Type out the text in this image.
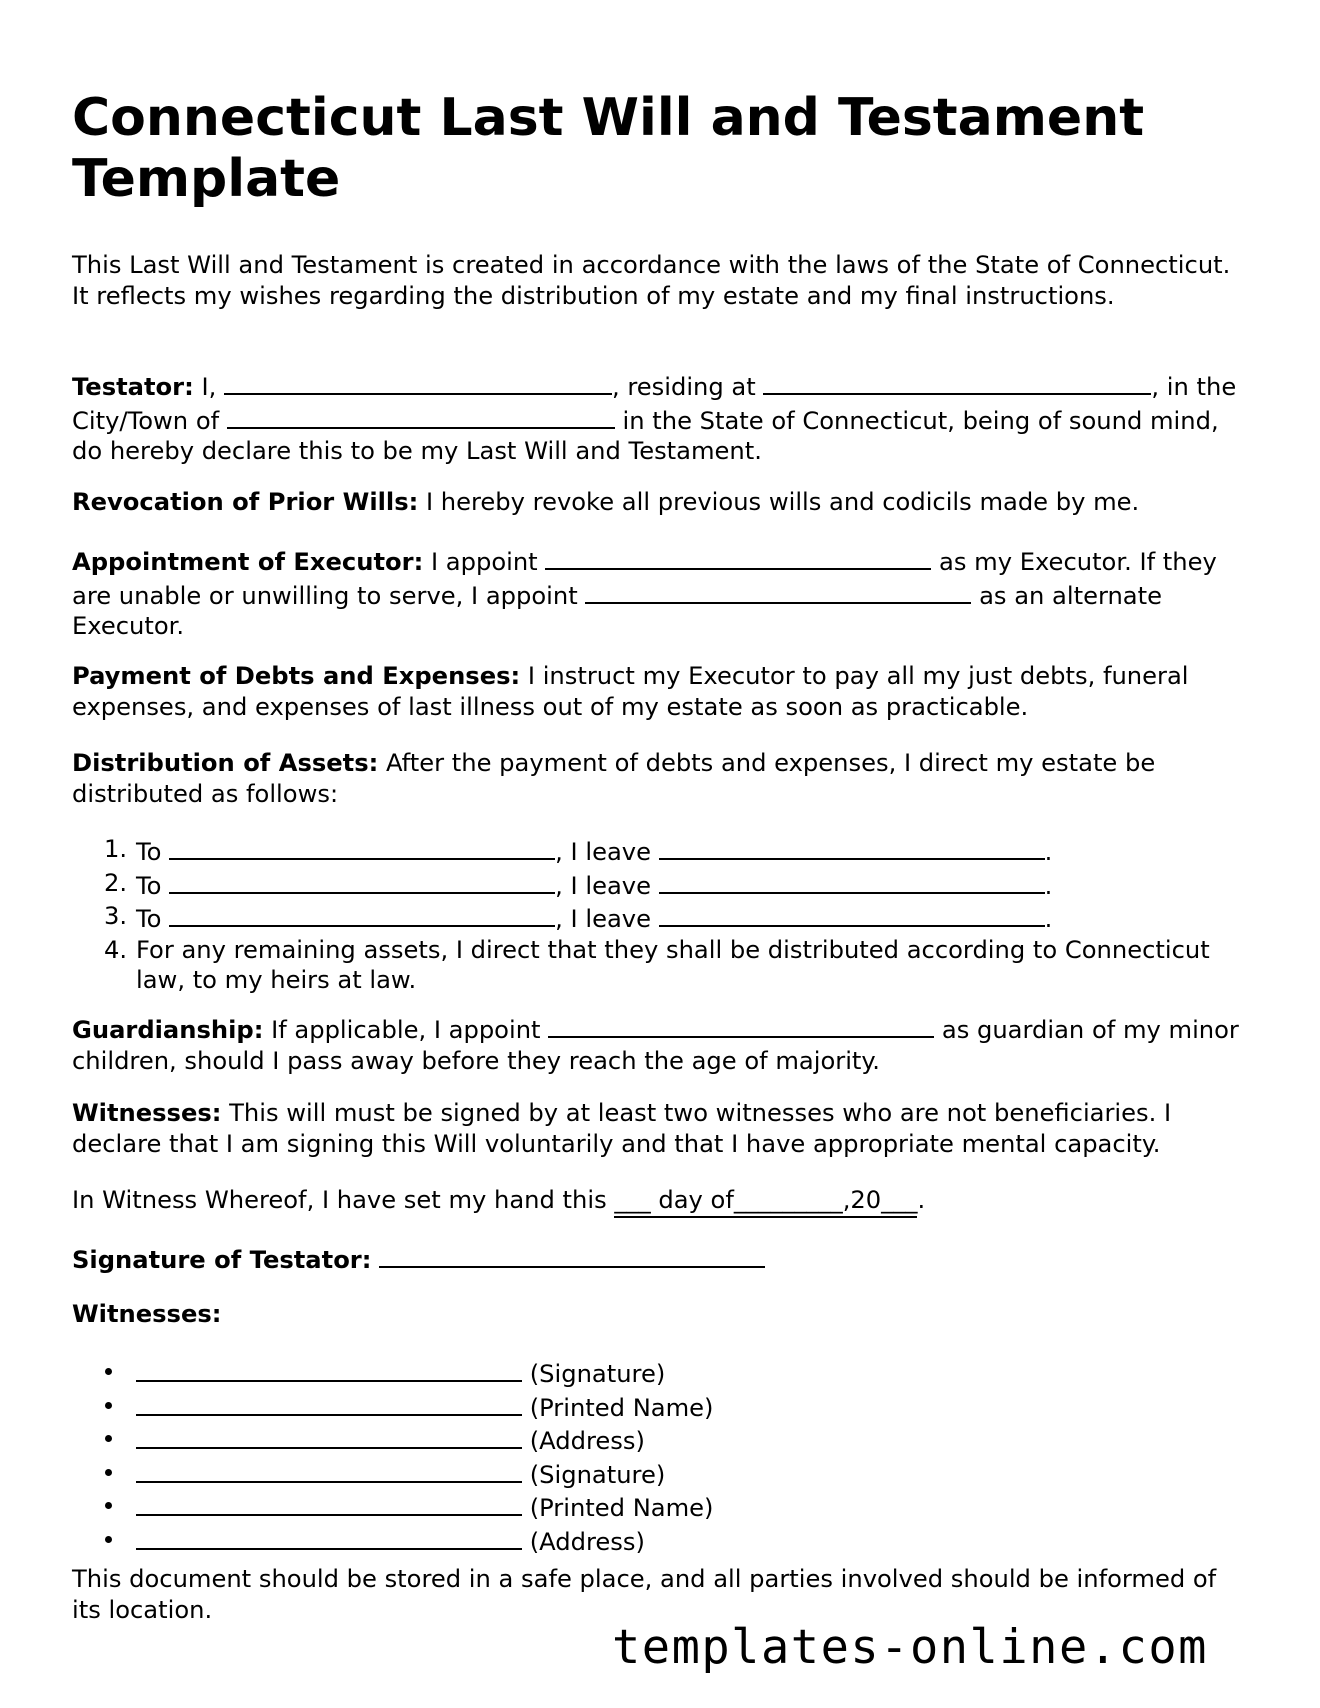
Connecticut Last Will and Testament Template

This Last Will and Testament is created in accordance with the laws of the State of Connecticut. It reflects my wishes regarding the distribution of my estate and my final instructions.

Testator: I,	, residing at	, in the City/Town of	in the State of Connecticut, being of sound mind, do hereby declare this to be my Last Will and Testament.

Revocation of Prior Wills: I hereby revoke all previous wills and codicils made by me.

Appointment of Executor: I appoint	as my Executor. If they are unable or unwilling to serve, I appoint	as an alternate Executor.

Payment of Debts and Expenses: I instruct my Executor to pay all my just debts, funeral expenses, and expenses of last illness out of my estate as soon as practicable.

Distribution of Assets: After the payment of debts and expenses, I direct my estate be distributed as follows:

1. To	, I leave	.
2. To	, I leave	.
3. To	, I leave	.
4. For any remaining assets, I direct that they shall be distributed according to Connecticut law, to my heirs at law.

Guardianship: If applicable, I appoint	as guardian of my minor children, should I pass away before they reach the age of majority.

Witnesses: This will must be signed by at least two witnesses who are not beneficiaries. I declare that I am signing this Will voluntarily and that I have appropriate mental capacity.

In Witness Whereof, I have set my hand this ___ day of_________,20___.

Signature of Testator:

Witnesses:

(Signature)
(Printed Name)
(Address)
(Signature)
(Printed Name)
(Address)

This document should be stored in a safe place, and all parties involved should be informed of its location.

templates-online.com
